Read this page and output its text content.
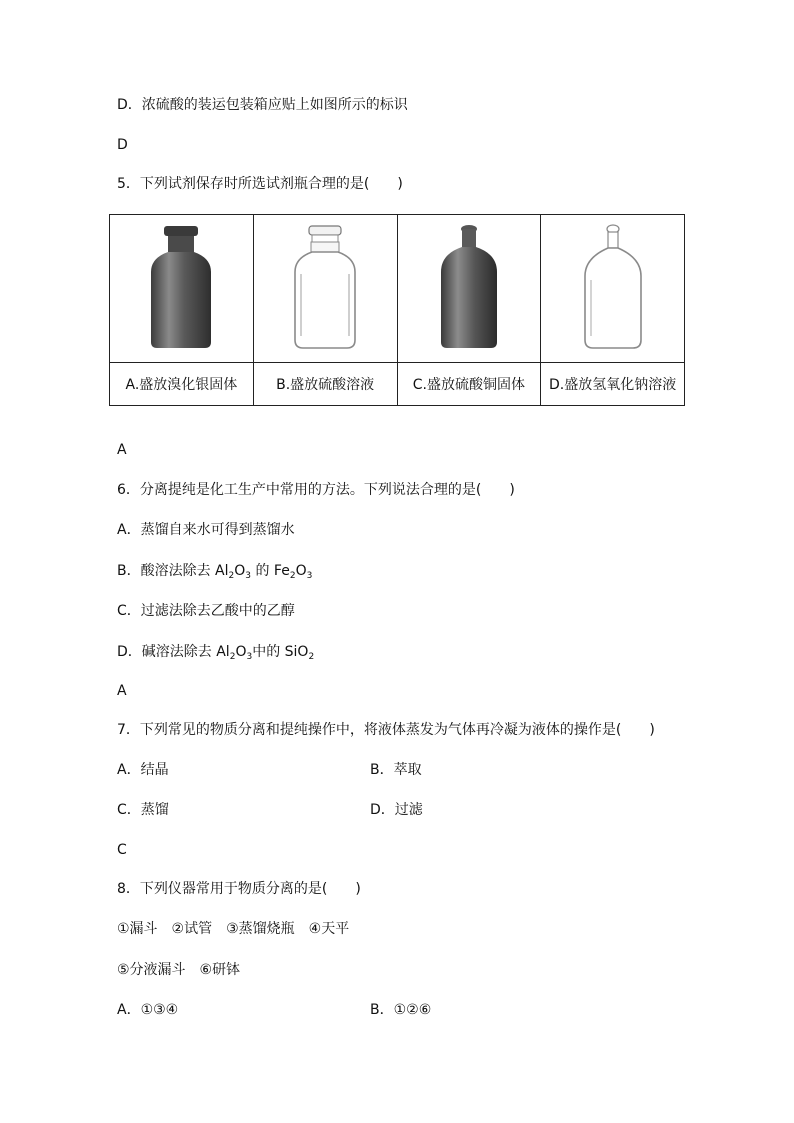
D．浓硫酸的装运包装箱应贴上如图所示的标识
D
5．下列试剂保存时所选试剂瓶合理的是(　　)

A.盛放溴化银固体	B.盛放硫酸溶液	C.盛放硫酸铜固体	D.盛放氢氧化钠溶液
A
6．分离提纯是化工生产中常用的方法。下列说法合理的是(　　)
A．蒸馏自来水可得到蒸馏水
B．酸溶法除去 $Al_2O_3$ 的 $Fe_2O_3$
C．过滤法除去乙酸中的乙醇
D．碱溶法除去 $Al_2O_3$中的 SiO$_2$
A
7．下列常见的物质分离和提纯操作中，将液体蒸发为气体再冷凝为液体的操作是(　　)
A．结晶	B．萃取
C．蒸馏	D．过滤
C
8．下列仪器常用于物质分离的是(　　)
①漏斗　②试管　③蒸馏烧瓶　④天平
⑤分液漏斗　⑥研钵
A．①③④	B．①②⑥
